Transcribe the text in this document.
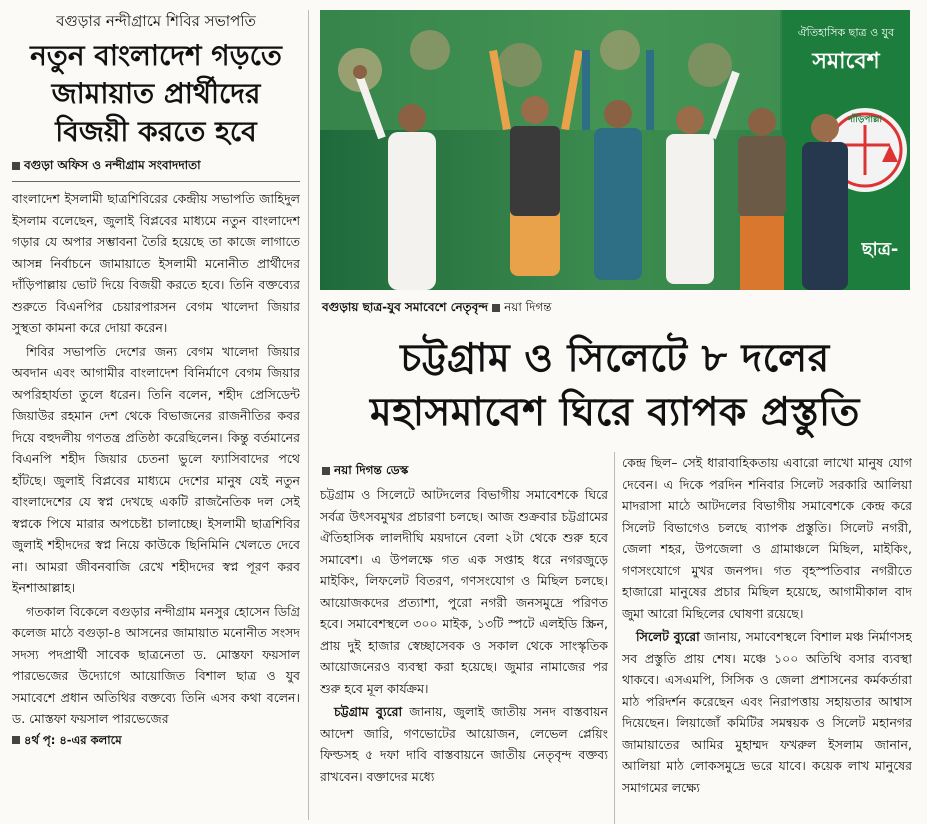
বগুড়ার নন্দীগ্রামে শিবির সভাপতি
নতুন বাংলাদেশ গড়তে জামায়াত প্রার্থীদের বিজয়ী করতে হবে
বগুড়া অফিস ও নন্দীগ্রাম সংবাদদাতা

বাংলাদেশ ইসলামী ছাত্রশিবিরের কেন্দ্রীয় সভাপতি জাহিদুল ইসলাম বলেছেন, জুলাই বিপ্লবের মাধ্যমে নতুন বাংলাদেশ গড়ার যে অপার সম্ভাবনা তৈরি হয়েছে তা কাজে লাগাতে আসন্ন নির্বাচনে জামায়াতে ইসলামী মনোনীত প্রার্থীদের দাঁড়িপাল্লায় ভোট দিয়ে বিজয়ী করতে হবে। তিনি বক্তব্যের শুরুতে বিএনপির চেয়ারপারসন বেগম খালেদা জিয়ার সুস্থতা কামনা করে দোয়া করেন।

শিবির সভাপতি দেশের জন্য বেগম খালেদা জিয়ার অবদান এবং আগামীর বাংলাদেশ বিনির্মাণে বেগম জিয়ার অপরিহার্যতা তুলে ধরেন। তিনি বলেন, শহীদ প্রেসিডেন্ট জিয়াউর রহমান দেশ থেকে বিভাজনের রাজনীতির কবর দিয়ে বহুদলীয় গণতন্ত্র প্রতিষ্ঠা করেছিলেন। কিন্তু বর্তমানের বিএনপি শহীদ জিয়ার চেতনা ভুলে ফ্যাসিবাদের পথে হাঁটছে। জুলাই বিপ্লবের মাধ্যমে দেশের মানুষ যেই নতুন বাংলাদেশের যে স্বপ্ন দেখছে একটি রাজনৈতিক দল সেই স্বপ্নকে পিষে মারার অপচেষ্টা চালাচ্ছে। ইসলামী ছাত্রশিবির জুলাই শহীদদের স্বপ্ন নিয়ে কাউকে ছিনিমিনি খেলতে দেবে না। আমরা জীবনবাজি রেখে শহীদদের স্বপ্ন পূরণ করব ইনশাআল্লাহ।

গতকাল বিকেলে বগুড়ার নন্দীগ্রাম মনসুর হোসেন ডিগ্রি কলেজ মাঠে বগুড়া-৪ আসনের জামায়াত মনোনীত সংসদ সদস্য পদপ্রার্থী সাবেক ছাত্রনেতা ড. মোস্তফা ফয়সাল পারভেজের উদ্যোগে আয়োজিত বিশাল ছাত্র ও যুব সমাবেশে প্রধান অতিথির বক্তব্যে তিনি এসব কথা বলেন। ড. মোস্তফা ফয়সাল পারভেজের

৪র্থ পৃ: ৪-এর কলামে
ঐতিহাসিক ছাত্র ও যুব
সমাবেশ
দাঁড়িপাল্লা
ছাত্র-
বগুড়ায় ছাত্র-যুব সমাবেশে নেতৃবৃন্দ নয়া দিগন্ত
চট্টগ্রাম ও সিলেটে ৮ দলের মহাসমাবেশ ঘিরে ব্যাপক প্রস্তুতি
নয়া দিগন্ত ডেস্ক

চট্টগ্রাম ও সিলেটে আটদলের বিভাগীয় সমাবেশকে ঘিরে সর্বত্র উৎসবমুখর প্রচারণা চলছে। আজ শুক্রবার চট্টগ্রামের ঐতিহাসিক লালদীঘি ময়দানে বেলা ২টা থেকে শুরু হবে সমাবেশ। এ উপলক্ষে গত এক সপ্তাহ ধরে নগরজুড়ে মাইকিং, লিফলেট বিতরণ, গণসংযোগ ও মিছিল চলছে। আয়োজকদের প্রত্যাশা, পুরো নগরী জনসমুদ্রে পরিণত হবে। সমাবেশস্থলে ৩০০ মাইক, ১৩টি স্পটে এলইডি স্ক্রিন, প্রায় দুই হাজার স্বেচ্ছাসেবক ও সকাল থেকে সাংস্কৃতিক আয়োজনেরও ব্যবস্থা করা হয়েছে। জুমার নামাজের পর শুরু হবে মূল কার্যক্রম।

চট্টগ্রাম ব্যুরো জানায়, জুলাই জাতীয় সনদ বাস্তবায়ন আদেশ জারি, গণভোটের আয়োজন, লেভেল প্লেয়িং ফিল্ডসহ ৫ দফা দাবি বাস্তবায়নে জাতীয় নেতৃবৃন্দ বক্তব্য রাখবেন। বক্তাদের মধ্যে

কেন্দ্র ছিল– সেই ধারাবাহিকতায় এবারো লাখো মানুষ যোগ দেবেন। এ দিকে পরদিন শনিবার সিলেট সরকারি আলিয়া মাদরাসা মাঠে আটদলের বিভাগীয় সমাবেশকে কেন্দ্র করে সিলেট বিভাগেও চলছে ব্যাপক প্রস্তুতি। সিলেট নগরী, জেলা শহর, উপজেলা ও গ্রামাঞ্চলে মিছিল, মাইকিং, গণসংযোগে মুখর জনপদ। গত বৃহস্পতিবার নগরীতে হাজারো মানুষের প্রচার মিছিল হয়েছে, আগামীকাল বাদ জুমা আরো মিছিলের ঘোষণা রয়েছে।

সিলেট ব্যুরো জানায়, সমাবেশস্থলে বিশাল মঞ্চ নির্মাণসহ সব প্রস্তুতি প্রায় শেষ। মঞ্চে ১০০ অতিথি বসার ব্যবস্থা থাকবে। এসএমপি, সিসিক ও জেলা প্রশাসনের কর্মকর্তারা মাঠ পরিদর্শন করেছেন এবং নিরাপত্তায় সহায়তার আশ্বাস দিয়েছেন। লিয়াজোঁ কমিটির সমন্বয়ক ও সিলেট মহানগর জামায়াতের আমির মুহাম্মদ ফখরুল ইসলাম জানান, আলিয়া মাঠ লোকসমুদ্রে ভরে যাবে। কয়েক লাখ মানুষের সমাগমের লক্ষ্যে
